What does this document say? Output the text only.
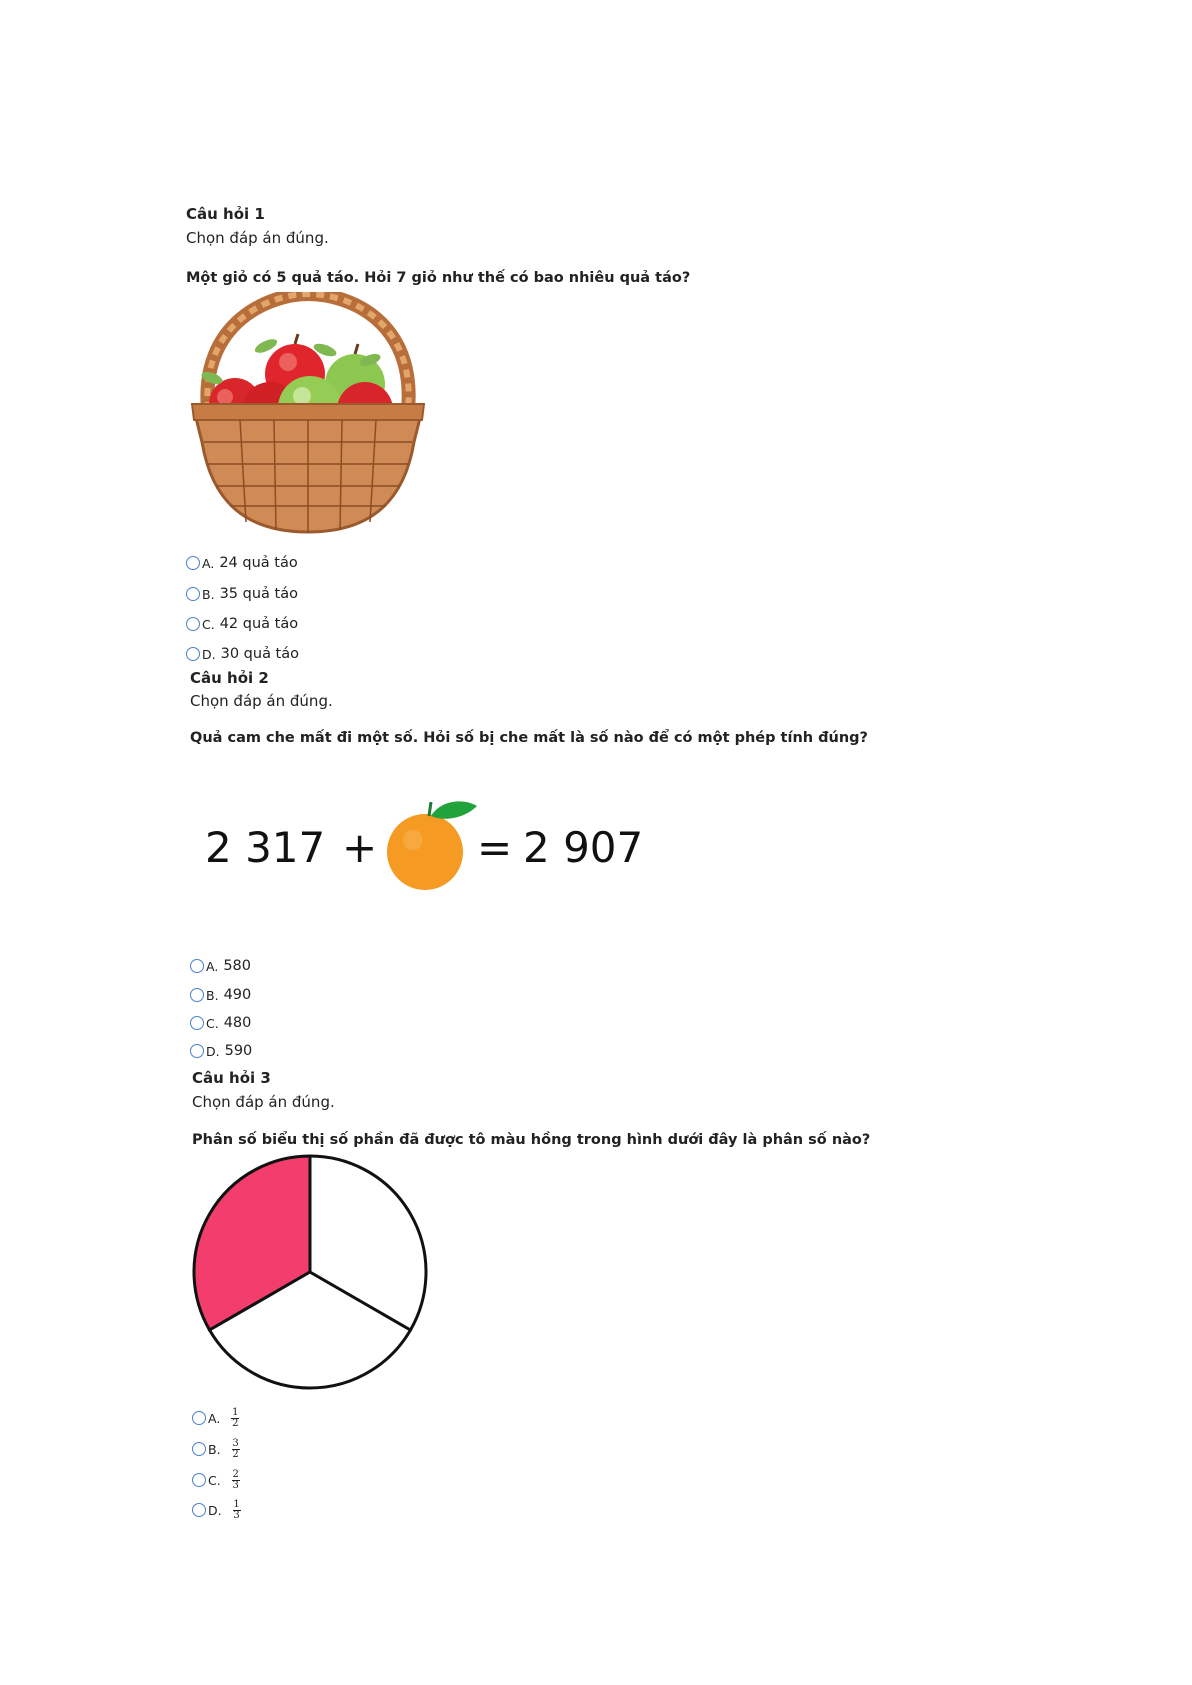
Câu hỏi 1
Chọn đáp án đúng.
Một giỏ có 5 quả táo. Hỏi 7 giỏ như thế có bao nhiêu quả táo?
A. 24 quả táo
B. 35 quả táo
C. 42 quả táo
D. 30 quả táo
Câu hỏi 2
Chọn đáp án đúng.
Quả cam che mất đi một số. Hỏi số bị che mất là số nào để có một phép tính đúng?
2 317 + = 2 907
A. 580
B. 490
C. 480
D. 590
Câu hỏi 3
Chọn đáp án đúng.
Phân số biểu thị số phần đã được tô màu hồng trong hình dưới đây là phân số nào?
A. $\frac{1}{2}$
B. $\frac{3}{2}$
C. $\frac{2}{3}$
D. $\frac{1}{3}$
